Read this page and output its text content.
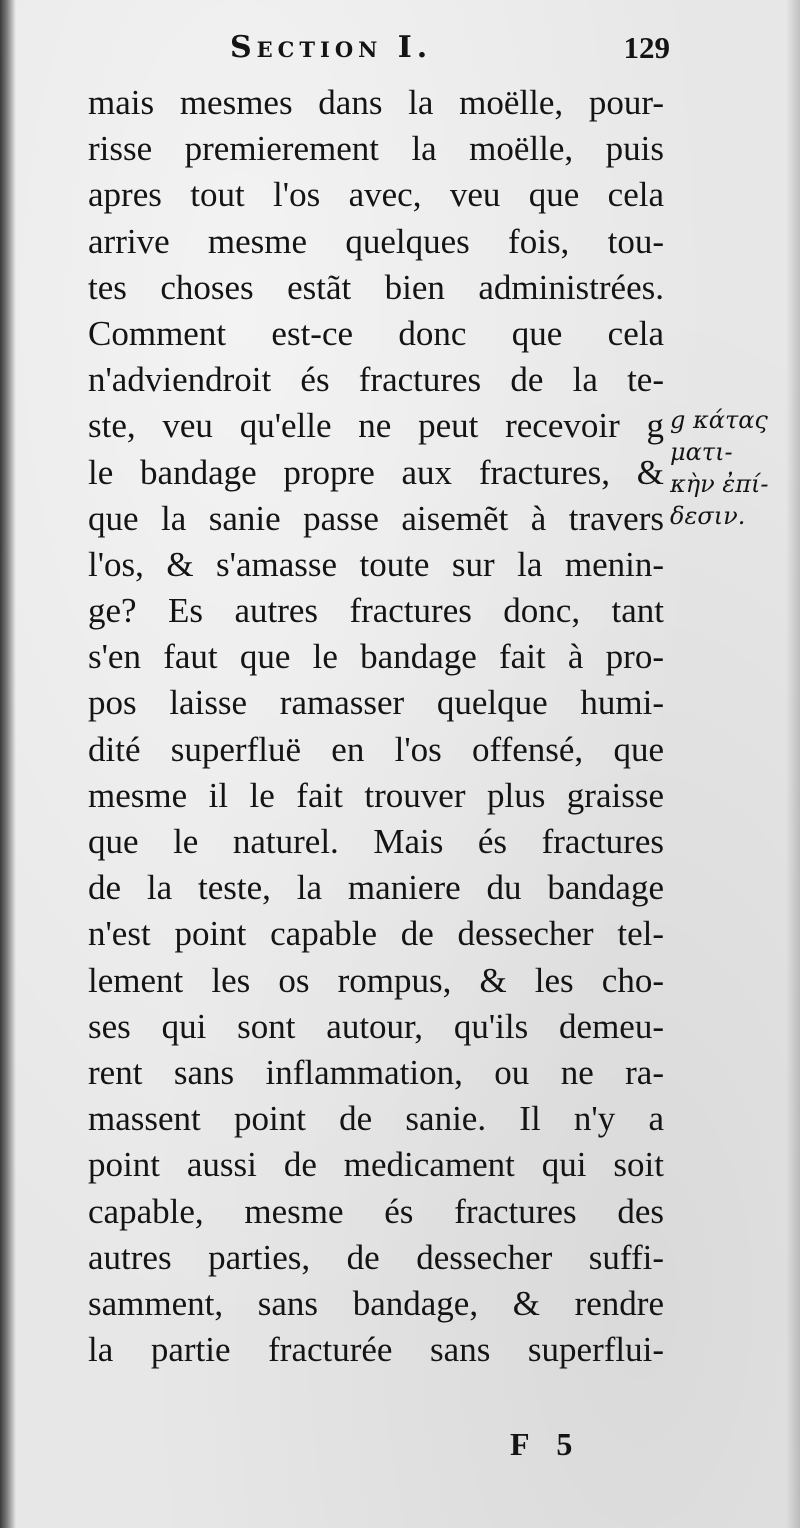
Section I.	129
mais mesmes dans la moëlle, pour-
risse premierement la moëlle, puis
apres tout l'os avec, veu que cela
arrive mesme quelques fois, tou-
tes choses estãt bien administrées.
Comment est-ce donc que cela
n'adviendroit és fractures de la te-
ste, veu qu'elle ne peut recevoir g
le bandage propre aux fractures, &
que la sanie passe aisemẽt à travers
l'os, & s'amasse toute sur la menin-
ge? Es autres fractures donc, tant
s'en faut que le bandage fait à pro-
pos laisse ramasser quelque humi-
dité superfluë en l'os offensé, que
mesme il le fait trouver plus graisse
que le naturel. Mais és fractures
de la teste, la maniere du bandage
n'est point capable de dessecher tel-
lement les os rompus, & les cho-
ses qui sont autour, qu'ils demeu-
rent sans inflammation, ou ne ra-
massent point de sanie. Il n'y a
point aussi de medicament qui soit
capable, mesme és fractures des
autres parties, de dessecher suffi-
samment, sans bandage, & rendre
la partie fracturée sans superflui-
g κάτας
ματι-
κὴν ἐπί-
δεσιν.
F 5
